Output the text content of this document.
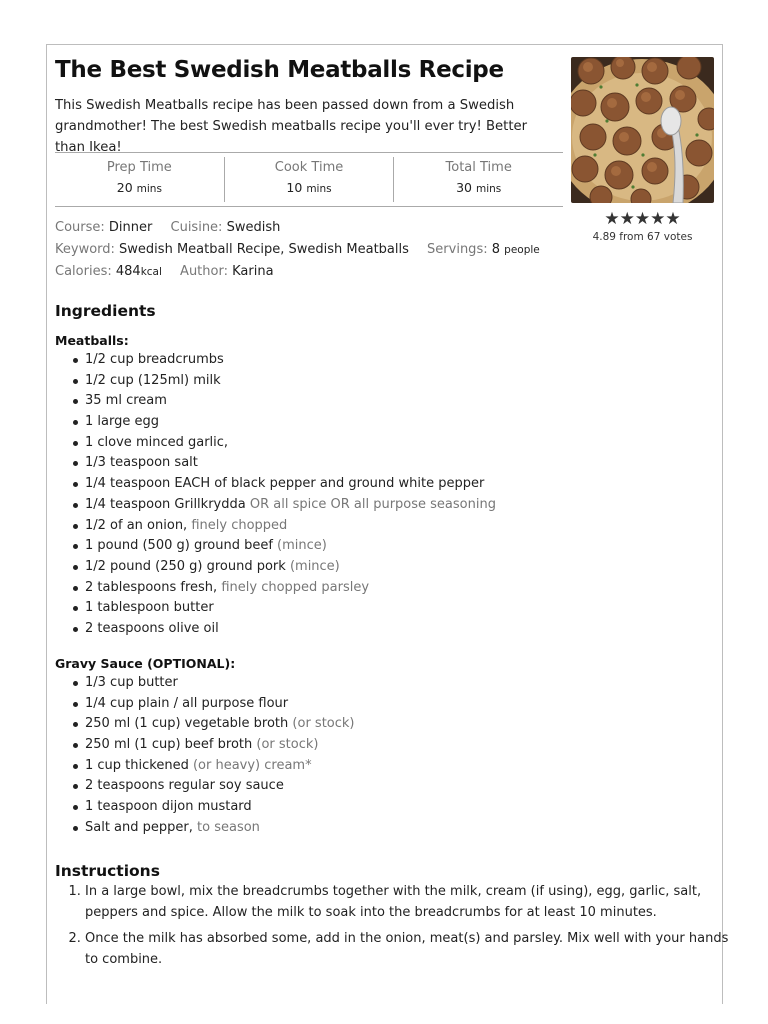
The Best Swedish Meatballs Recipe
This Swedish Meatballs recipe has been passed down from a Swedish grandmother! The best Swedish meatballs recipe you'll ever try! Better than Ikea!
★★★★★
4.89 from 67 votes
Prep Time
20 mins
Cook Time
10 mins
Total Time
30 mins
Course: Dinner Cuisine: Swedish
Keyword: Swedish Meatball Recipe, Swedish Meatballs Servings: 8 people
Calories: 484kcal Author: Karina
Ingredients
Meatballs:
1/2 cup breadcrumbs
1/2 cup (125ml) milk
35 ml cream
1 large egg
1 clove minced garlic,
1/3 teaspoon salt
1/4 teaspoon EACH of black pepper and ground white pepper
1/4 teaspoon Grillkrydda OR all spice OR all purpose seasoning
1/2 of an onion, finely chopped
1 pound (500 g) ground beef (mince)
1/2 pound (250 g) ground pork (mince)
2 tablespoons fresh, finely chopped parsley
1 tablespoon butter
2 teaspoons olive oil
Gravy Sauce (OPTIONAL):
1/3 cup butter
1/4 cup plain / all purpose flour
250 ml (1 cup) vegetable broth (or stock)
250 ml (1 cup) beef broth (or stock)
1 cup thickened (or heavy) cream*
2 teaspoons regular soy sauce
1 teaspoon dijon mustard
Salt and pepper, to season
Instructions
1. In a large bowl, mix the breadcrumbs together with the milk, cream (if using), egg, garlic, salt, peppers and spice. Allow the milk to soak into the breadcrumbs for at least 10 minutes.
2. Once the milk has absorbed some, add in the onion, meat(s) and parsley. Mix well with your hands to combine.
